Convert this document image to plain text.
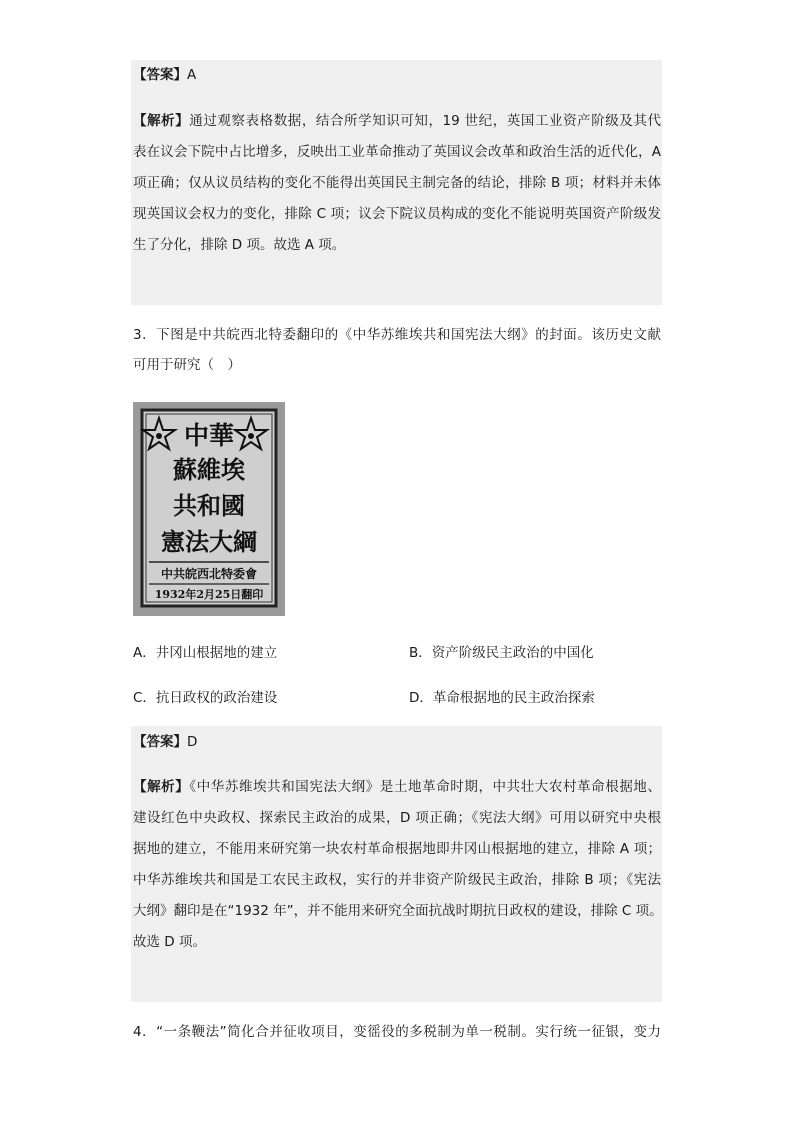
【答案】A
【解析】通过观察表格数据，结合所学知识可知，19 世纪，英国工业资产阶级及其代
表在议会下院中占比增多，反映出工业革命推动了英国议会改革和政治生活的近代化，A
项正确；仅从议员结构的变化不能得出英国民主制完备的结论，排除 B 项；材料并未体
现英国议会权力的变化，排除 C 项；议会下院议员构成的变化不能说明英国资产阶级发
生了分化，排除 D 项。故选 A 项。
3．下图是中共皖西北特委翻印的《中华苏维埃共和国宪法大纲》的封面。该历史文献
可用于研究（　）
中華
蘇維埃
共和國
憲法大綱
中共皖西北特委會
1932年2月25日翻印
A．井冈山根据地的建立	B．资产阶级民主政治的中国化
C．抗日政权的政治建设	D．革命根据地的民主政治探索
【答案】D
【解析】《中华苏维埃共和国宪法大纲》是土地革命时期，中共壮大农村革命根据地、
建设红色中央政权、探索民主政治的成果，D 项正确；《宪法大纲》可用以研究中央根
据地的建立，不能用来研究第一块农村革命根据地即井冈山根据地的建立，排除 A 项；
中华苏维埃共和国是工农民主政权，实行的并非资产阶级民主政治，排除 B 项；《宪法
大纲》翻印是在“1932 年”，并不能用来研究全面抗战时期抗日政权的建设，排除 C 项。
故选 D 项。
4．“一条鞭法”简化合并征收项目，变徭役的多税制为单一税制。实行统一征银，变力
